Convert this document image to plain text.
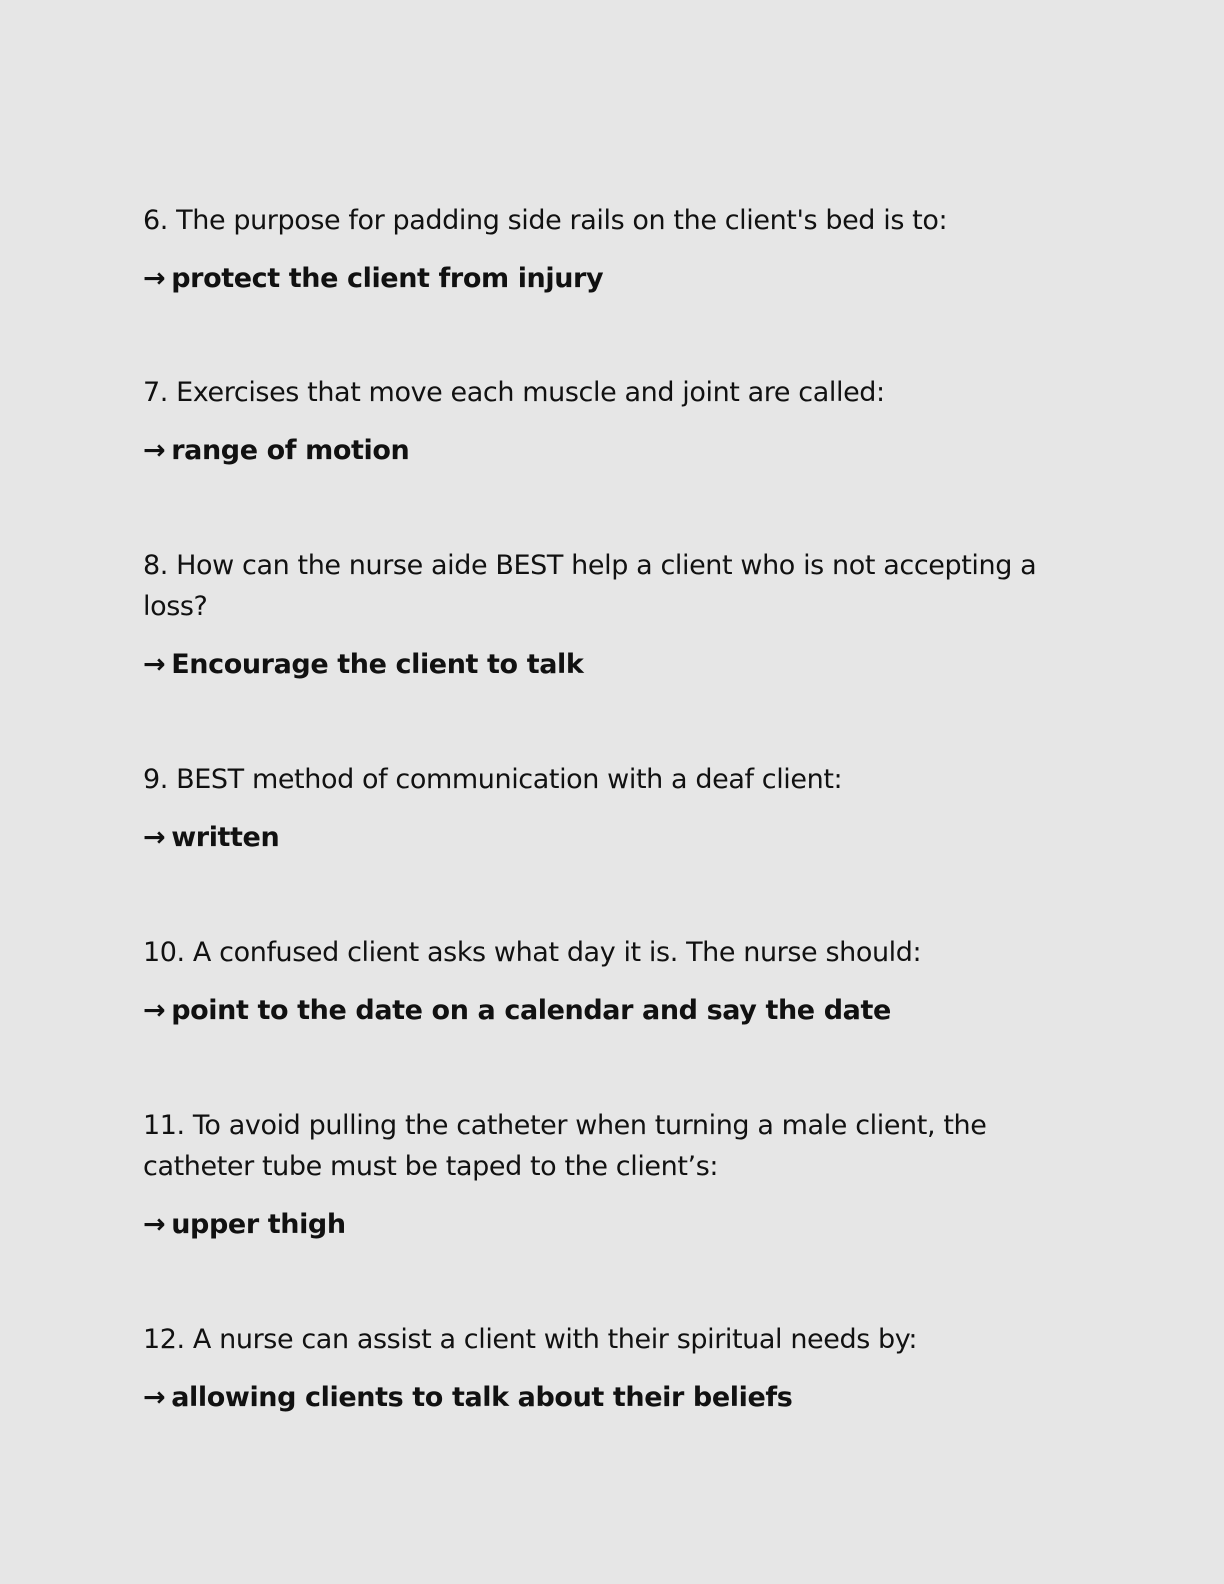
6. The purpose for padding side rails on the client's bed is to:
→ protect the client from injury
7. Exercises that move each muscle and joint are called:
→ range of motion
8. How can the nurse aide BEST help a client who is not accepting a loss?
→ Encourage the client to talk
9. BEST method of communication with a deaf client:
→ written
10. A confused client asks what day it is. The nurse should:
→ point to the date on a calendar and say the date
11. To avoid pulling the catheter when turning a male client, the catheter tube must be taped to the client’s:
→ upper thigh
12. A nurse can assist a client with their spiritual needs by:
→ allowing clients to talk about their beliefs
